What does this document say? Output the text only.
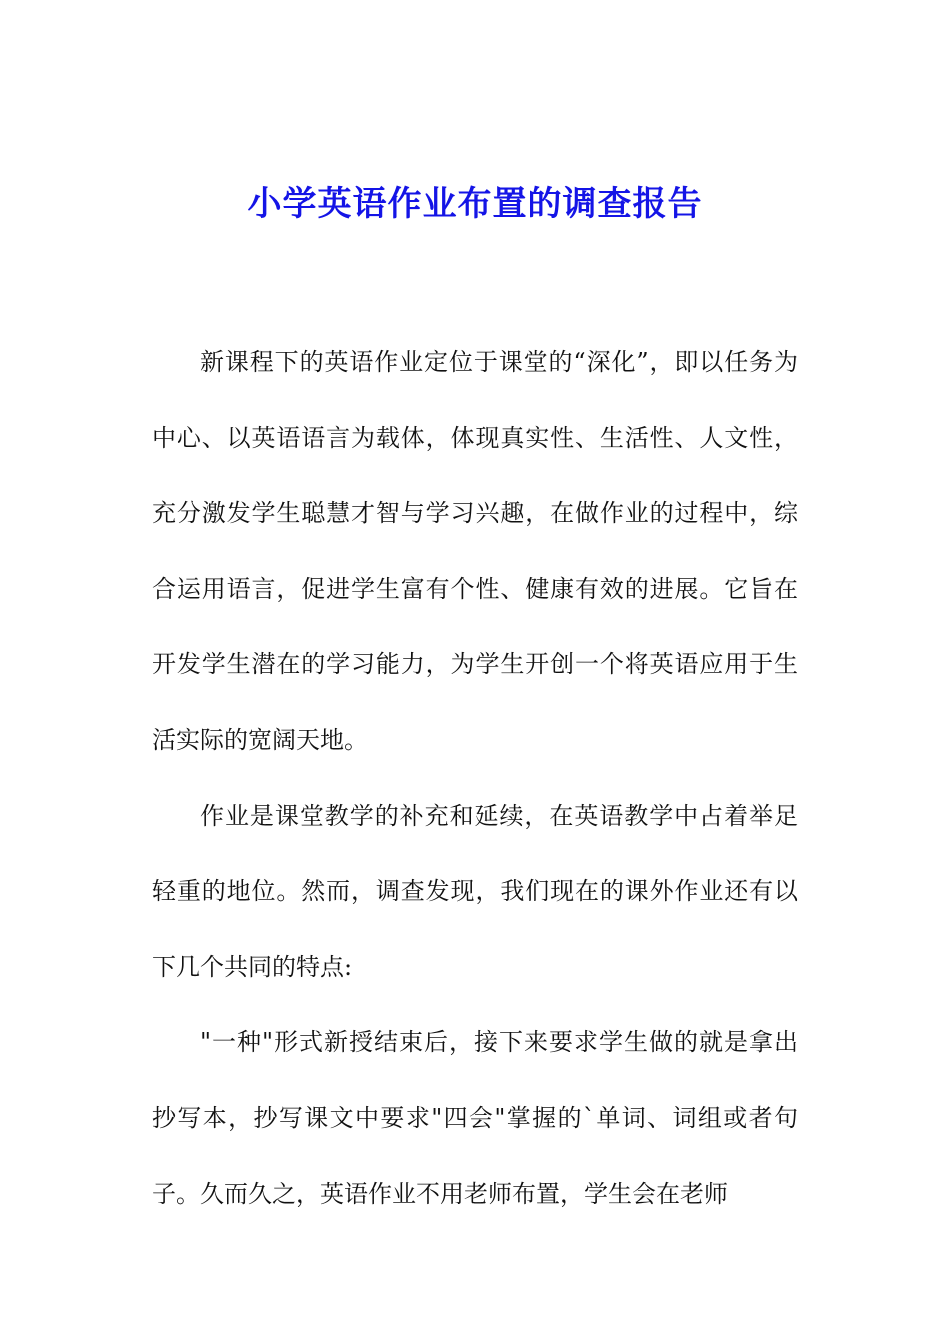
小学英语作业布置的调查报告

新课程下的英语作业定位于课堂的“深化”，即以任务为中心、以英语语言为载体，体现真实性、生活性、人文性，充分激发学生聪慧才智与学习兴趣，在做作业的过程中，综合运用语言，促进学生富有个性、健康有效的进展。它旨在开发学生潜在的学习能力，为学生开创一个将英语应用于生活实际的宽阔天地。

作业是课堂教学的补充和延续，在英语教学中占着举足轻重的地位。然而，调查发现，我们现在的课外作业还有以下几个共同的特点:

"一种"形式新授结束后，接下来要求学生做的就是拿出抄写本，抄写课文中要求"四会"掌握的`单词、词组或者句子。久而久之，英语作业不用老师布置，学生会在老师
